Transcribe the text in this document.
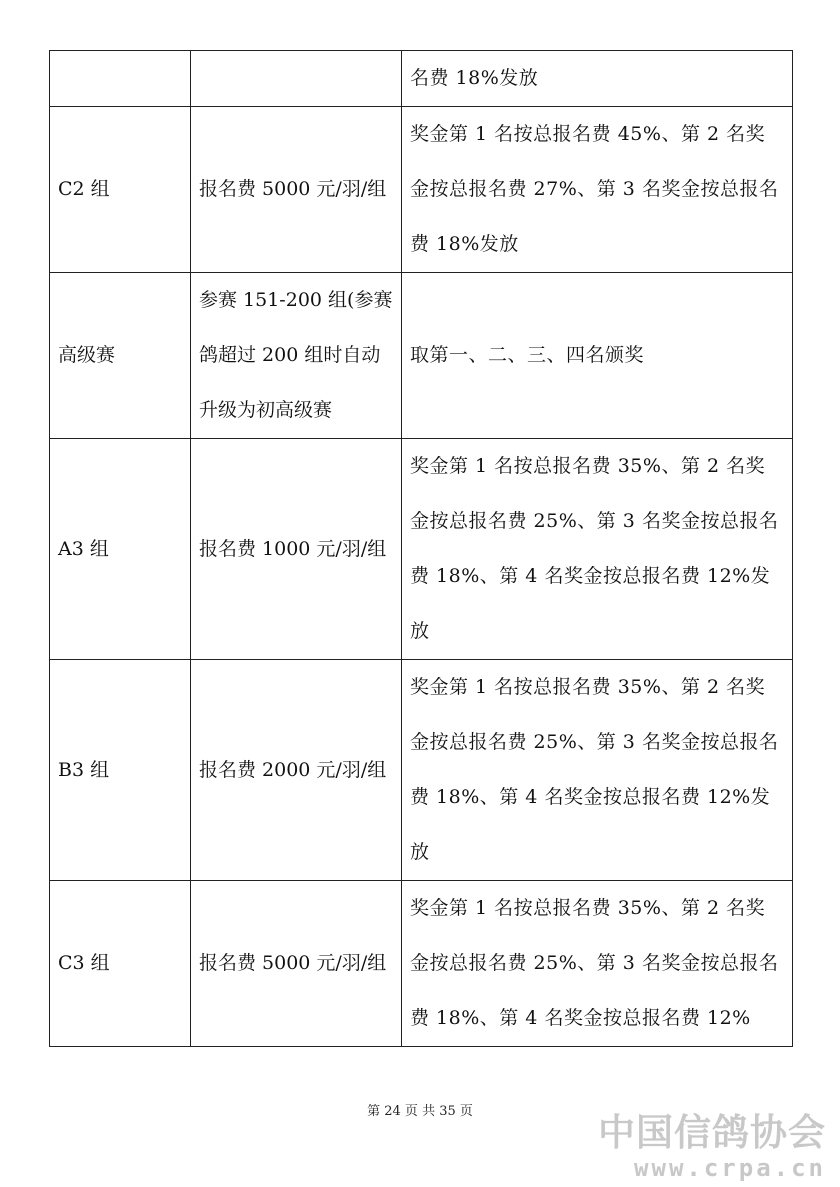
		名费 18%发放
C2 组	报名费 5000 元/羽/组	奖金第 1 名按总报名费 45%、第 2 名奖金按总报名费 27%、第 3 名奖金按总报名费 18%发放
高级赛	参赛 151-200 组(参赛鸽超过 200 组时自动升级为初高级赛	取第一、二、三、四名颁奖
A3 组	报名费 1000 元/羽/组	奖金第 1 名按总报名费 35%、第 2 名奖金按总报名费 25%、第 3 名奖金按总报名费 18%、第 4 名奖金按总报名费 12%发放
B3 组	报名费 2000 元/羽/组	奖金第 1 名按总报名费 35%、第 2 名奖金按总报名费 25%、第 3 名奖金按总报名费 18%、第 4 名奖金按总报名费 12%发放
C3 组	报名费 5000 元/羽/组	奖金第 1 名按总报名费 35%、第 2 名奖金按总报名费 25%、第 3 名奖金按总报名费 18%、第 4 名奖金按总报名费 12%
第 24 页 共 35 页	中国信鸽协会
www.crpa.cn
